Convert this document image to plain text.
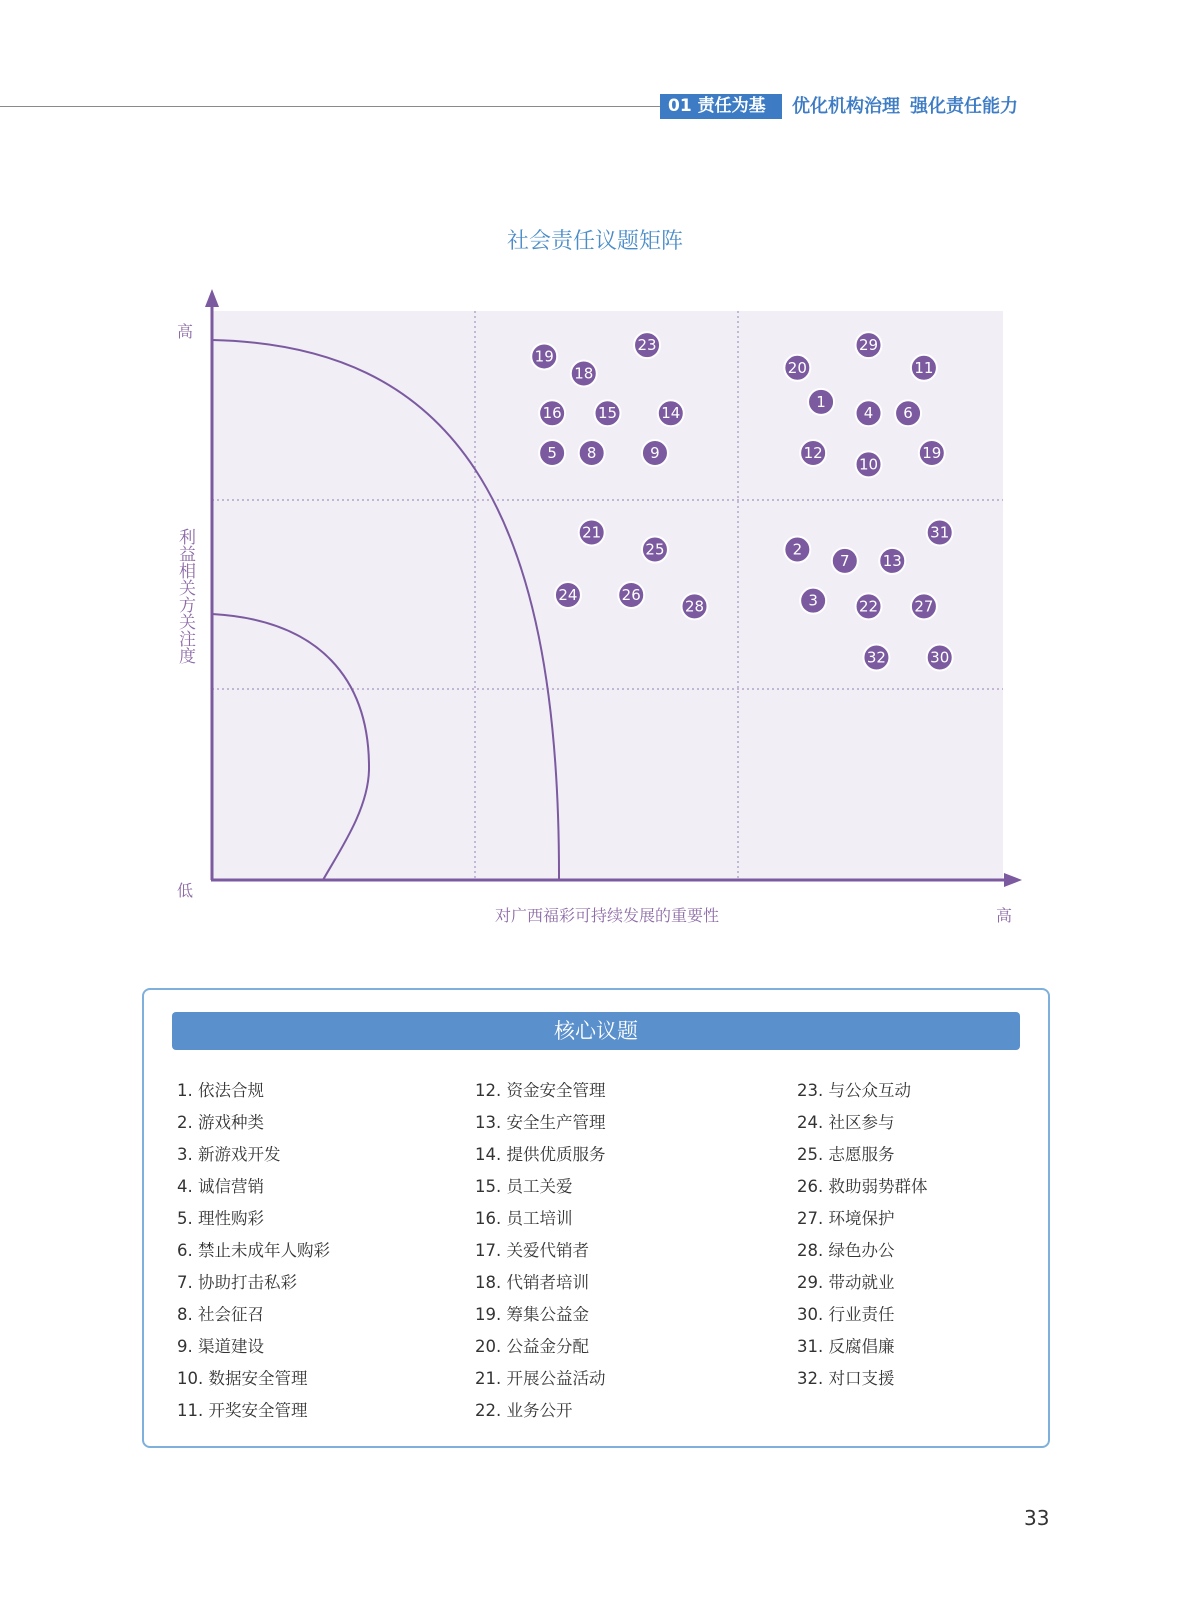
01 责任为基	优化机构治理 强化责任能力
社会责任议题矩阵
19
18
23
16 15	14
5 8	9
21
25
24	26
28
29
20	11
1
4 6
12
10
19
31
2
7 13
3	22 27
32	30
高
低
高
利益相关方关注度
对广西福彩可持续发展的重要性
核心议题
1. 依法合规
2. 游戏种类
3. 新游戏开发
4. 诚信营销
5. 理性购彩
6. 禁止未成年人购彩
7. 协助打击私彩
8. 社会征召
9. 渠道建设
10. 数据安全管理
11. 开奖安全管理
12. 资金安全管理
13. 安全生产管理
14. 提供优质服务
15. 员工关爱
16. 员工培训
17. 关爱代销者
18. 代销者培训
19. 筹集公益金
20. 公益金分配
21. 开展公益活动
22. 业务公开
23. 与公众互动
24. 社区参与
25. 志愿服务
26. 救助弱势群体
27. 环境保护
28. 绿色办公
29. 带动就业
30. 行业责任
31. 反腐倡廉
32. 对口支援
33
